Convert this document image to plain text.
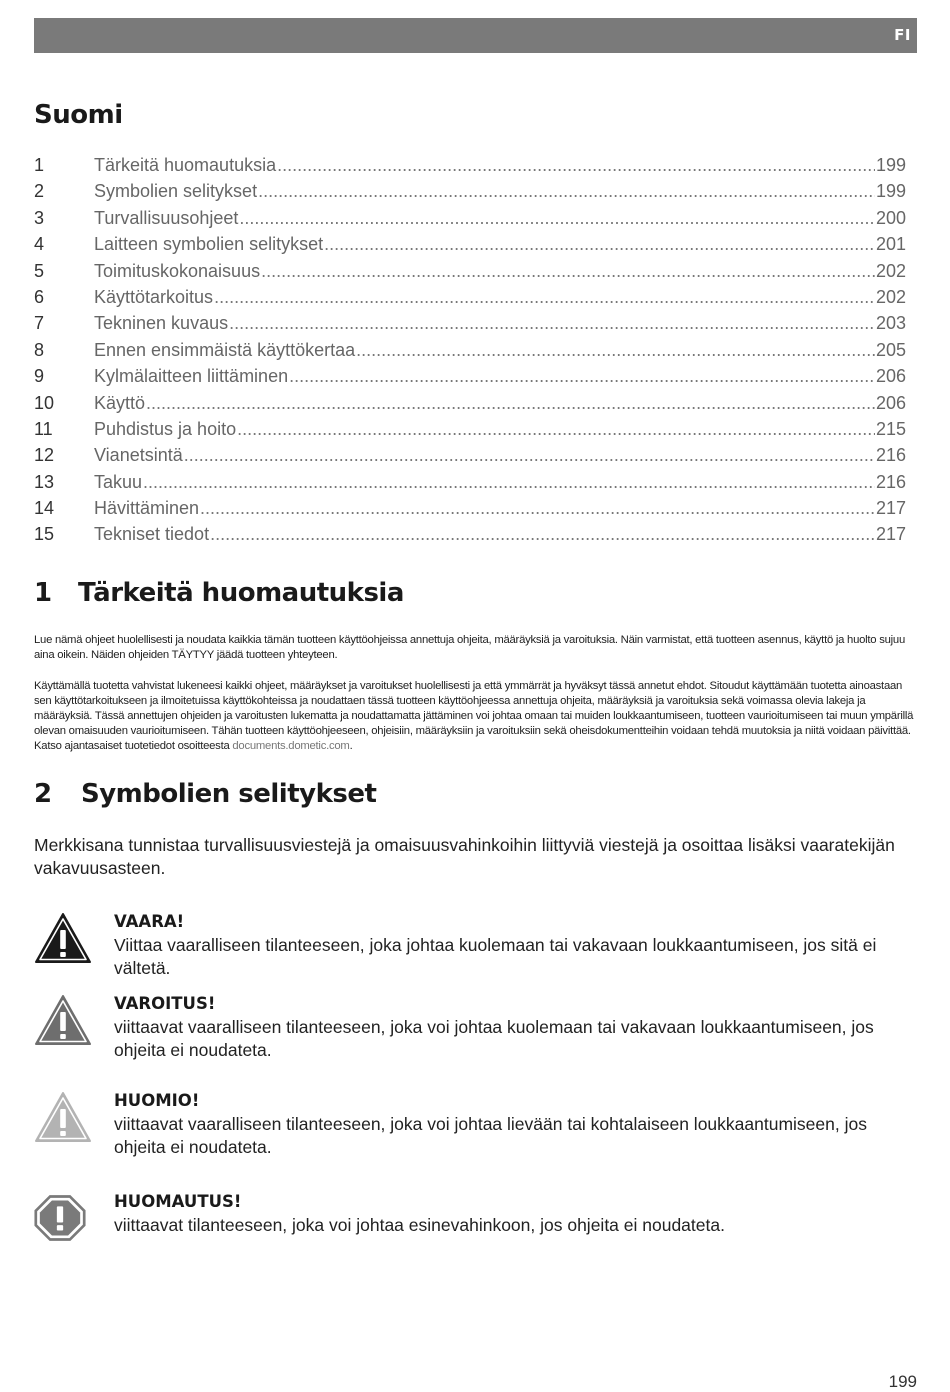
FI
Suomi
1	Tärkeitä huomautuksia .....	199
2	Symbolien selitykset .....	199
3	Turvallisuusohjeet .....	200
4	Laitteen symbolien selitykset .....	201
5	Toimituskokonaisuus .....	202
6	Käyttötarkoitus .....	202
7	Tekninen kuvaus .....	203
8	Ennen ensimmäistä käyttökertaa .....	205
9	Kylmälaitteen liittäminen .....	206
10	Käyttö .....	206
11	Puhdistus ja hoito .....	215
12	Vianetsintä .....	216
13	Takuu .....	216
14	Hävittäminen .....	217
15	Tekniset tiedot .....	217
1 Tärkeitä huomautuksia

Lue nämä ohjeet huolellisesti ja noudata kaikkia tämän tuotteen käyttöohjeissa annettuja ohjeita, määräyksiä ja varoituksia. Näin varmistat, että tuotteen asennus, käyttö ja huolto sujuu aina oikein. Näiden ohjeiden TÄYTYY jäädä tuotteen yhteyteen.

Käyttämällä tuotetta vahvistat lukeneesi kaikki ohjeet, määräykset ja varoitukset huolellisesti ja että ymmärrät ja hyväksyt tässä annetut ehdot. Sitoudut käyttämään tuotetta ainoastaan sen käyttötarkoitukseen ja ilmoitetuissa käyttökohteissa ja noudattaen tässä tuotteen käyttöohjeessa annettuja ohjeita, määräyksiä ja varoituksia sekä voimassa olevia lakeja ja määräyksiä. Tässä annettujen ohjeiden ja varoitusten lukematta ja noudattamatta jättäminen voi johtaa omaan tai muiden loukkaantumiseen, tuotteen vaurioitumiseen tai muun ympärillä olevan omaisuuden vaurioitumiseen. Tähän tuotteen käyttöohjeeseen, ohjeisiin, määräyksiin ja varoituksiin sekä oheisdokumentteihin voidaan tehdä muutoksia ja niitä voidaan päivittää. Katso ajantasaiset tuotetiedot osoitteesta documents.dometic.com.

2 Symbolien selitykset

Merkkisana tunnistaa turvallisuusviestejä ja omaisuusvahinkoihin liittyviä viestejä ja osoittaa lisäksi vaaratekijän vakavuusasteen.

VAARA!
Viittaa vaaralliseen tilanteeseen, joka johtaa kuolemaan tai vakavaan loukkaantumiseen, jos sitä ei vältetä.
VAROITUS!
viittaavat vaaralliseen tilanteeseen, joka voi johtaa kuolemaan tai vakavaan loukkaantumiseen, jos ohjeita ei noudateta.
HUOMIO!
viittaavat vaaralliseen tilanteeseen, joka voi johtaa lievään tai kohtalaiseen loukkaantumiseen, jos ohjeita ei noudateta.
HUOMAUTUS!
viittaavat tilanteeseen, joka voi johtaa esinevahinkoon, jos ohjeita ei noudateta.
199
